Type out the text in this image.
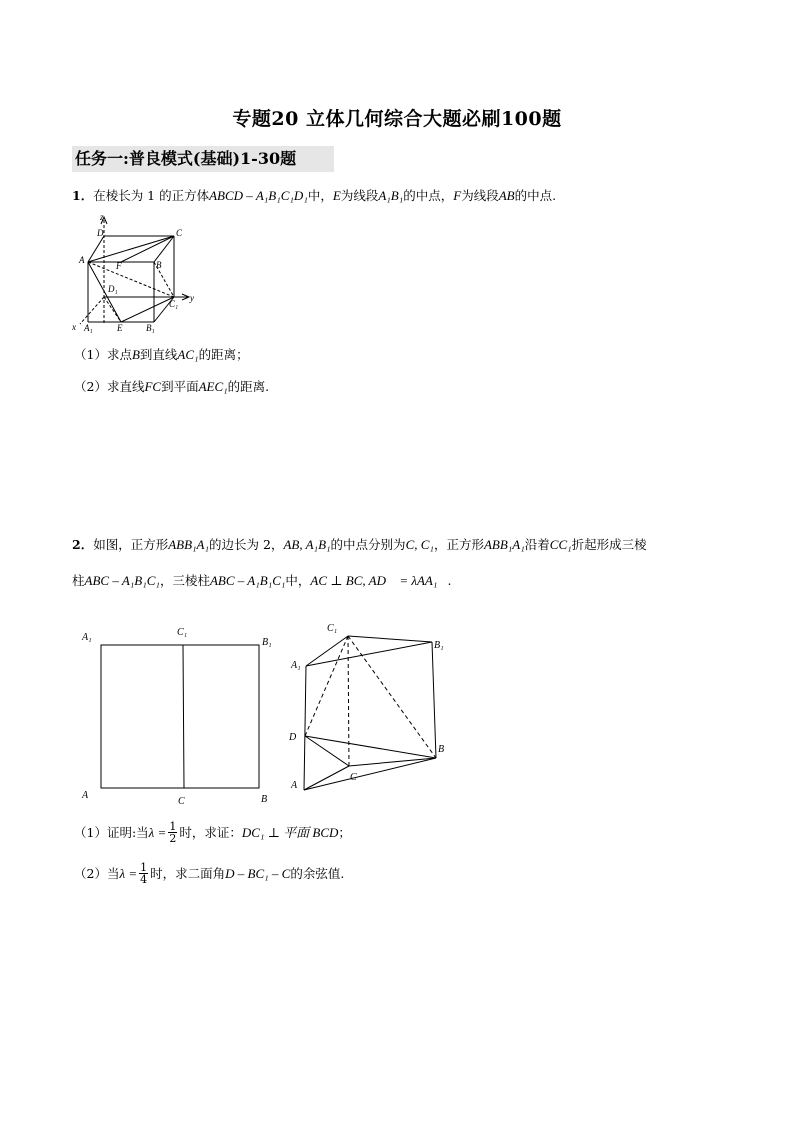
专题20 立体几何综合大题必刷100题
任务一:普良模式(基础)1-30题
1．在棱长为 1 的正方体ABCD – A₁B₁C₁D₁中，E为线段A₁B₁的中点，F为线段AB的中点.
z
y
x
D	C
A
F	B
D₁
C₁
A₁	E	B₁
（1）求点B到直线AC₁的距离；
（2）求直线FC到平面AEC₁的距离.
2．如图，正方形ABB₁A₁的边长为 2，AB, A₁B₁的中点分别为C, C₁，正方形ABB₁A₁沿着CC₁折起形成三棱
柱ABC – A₁B₁C₁，三棱柱ABC – A₁B₁C₁中，AC ⊥ BC, AD⃗ = λAA₁⃗.
A₁	C₁
B₁
A
C	B
C₁
B₁
A₁
D
B
C
A
（1）证明:当 $\lambda = \frac{1}{2}$ 时，求证： DC₁ ⊥ 平面 BCD ；
（2）当 $\lambda = \frac{1}{4}$ 时，求二面角 D – BC₁ – C 的余弦值.
